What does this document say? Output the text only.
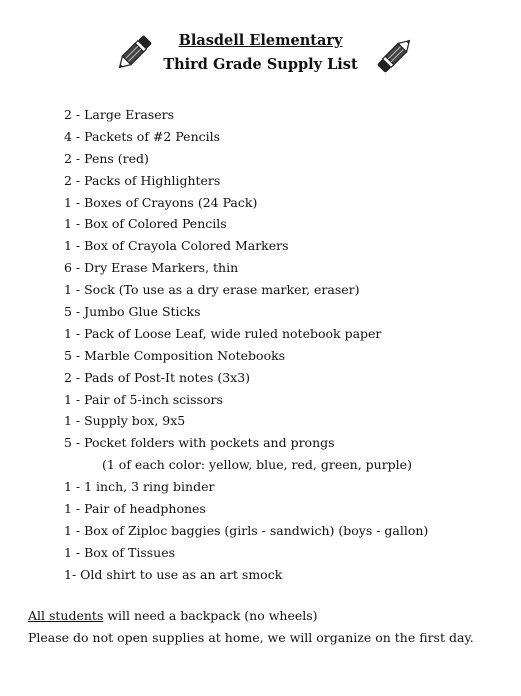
Blasdell Elementary
Third Grade Supply List
2 - Large Erasers
4 - Packets of #2 Pencils
2 - Pens (red)
2 - Packs of Highlighters
1 - Boxes of Crayons (24 Pack)
1 - Box of Colored Pencils
1 - Box of Crayola Colored Markers
6 - Dry Erase Markers, thin
1 - Sock (To use as a dry erase marker, eraser)
5 - Jumbo Glue Sticks
1 - Pack of Loose Leaf, wide ruled notebook paper
5 - Marble Composition Notebooks
2 - Pads of Post-It notes (3x3)
1 - Pair of 5-inch scissors
1 - Supply box, 9x5
5 - Pocket folders with pockets and prongs
(1 of each color: yellow, blue, red, green, purple)
1 - 1 inch, 3 ring binder
1 - Pair of headphones
1 - Box of Ziploc baggies (girls - sandwich) (boys - gallon)
1 - Box of Tissues
1- Old shirt to use as an art smock
All students will need a backpack (no wheels)
Please do not open supplies at home, we will organize on the first day.
